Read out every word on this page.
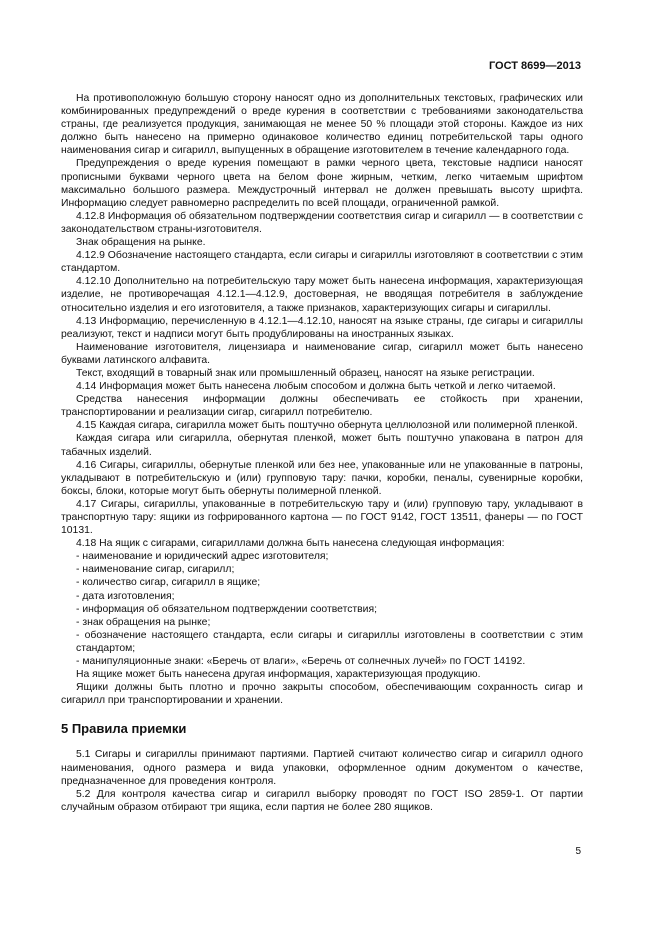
ГОСТ 8699—2013

На противоположную большую сторону наносят одно из дополнительных текстовых, графических или комбинированных предупреждений о вреде курения в соответствии с требованиями законодательства страны, где реализуется продукция, занимающая не менее 50 % площади этой стороны. Каждое из них должно быть нанесено на примерно одинаковое количество единиц потребительской тары одного наименования сигар и сигарилл, выпущенных в обращение изготовителем в течение календарного года.

Предупреждения о вреде курения помещают в рамки черного цвета, текстовые надписи наносят прописными буквами черного цвета на белом фоне жирным, четким, легко читаемым шрифтом максимально большого размера. Междустрочный интервал не должен превышать высоту шрифта. Информацию следует равномерно распределить по всей площади, ограниченной рамкой.

4.12.8 Информация об обязательном подтверждении соответствия сигар и сигарилл — в соответствии с законодательством страны-изготовителя.

Знак обращения на рынке.

4.12.9 Обозначение настоящего стандарта, если сигары и сигариллы изготовляют в соответствии с этим стандартом.

4.12.10 Дополнительно на потребительскую тару может быть нанесена информация, характеризующая изделие, не противоречащая 4.12.1—4.12.9, достоверная, не вводящая потребителя в заблуждение относительно изделия и его изготовителя, а также признаков, характеризующих сигары и сигариллы.

4.13 Информацию, перечисленную в 4.12.1—4.12.10, наносят на языке страны, где сигары и сигариллы реализуют, текст и надписи могут быть продублированы на иностранных языках.

Наименование изготовителя, лицензиара и наименование сигар, сигарилл может быть нанесено буквами латинского алфавита.

Текст, входящий в товарный знак или промышленный образец, наносят на языке регистрации.

4.14 Информация может быть нанесена любым способом и должна быть четкой и легко читаемой.

Средства нанесения информации должны обеспечивать ее стойкость при хранении, транспортировании и реализации сигар, сигарилл потребителю.

4.15 Каждая сигара, сигарилла может быть поштучно обернута целлюлозной или полимерной пленкой.

Каждая сигара или сигарилла, обернутая пленкой, может быть поштучно упакована в патрон для табачных изделий.

4.16 Сигары, сигариллы, обернутые пленкой или без нее, упакованные или не упакованные в патроны, укладывают в потребительскую и (или) групповую тару: пачки, коробки, пеналы, сувенирные коробки, боксы, блоки, которые могут быть обернуты полимерной пленкой.

4.17 Сигары, сигариллы, упакованные в потребительскую тару и (или) групповую тару, укладывают в транспортную тару: ящики из гофрированного картона — по ГОСТ 9142, ГОСТ 13511, фанеры — по ГОСТ 10131.

4.18 На ящик с сигарами, сигариллами должна быть нанесена следующая информация:

- наименование и юридический адрес изготовителя;

- наименование сигар, сигарилл;

- количество сигар, сигарилл в ящике;

- дата изготовления;

- информация об обязательном подтверждении соответствия;

- знак обращения на рынке;

- обозначение настоящего стандарта, если сигары и сигариллы изготовлены в соответствии с этим стандартом;

- манипуляционные знаки: «Беречь от влаги», «Беречь от солнечных лучей» по ГОСТ 14192.

На ящике может быть нанесена другая информация, характеризующая продукцию.

Ящики должны быть плотно и прочно закрыты способом, обеспечивающим сохранность сигар и сигарилл при транспортировании и хранении.

5 Правила приемки

5.1 Сигары и сигариллы принимают партиями. Партией считают количество сигар и сигарилл одного наименования, одного размера и вида упаковки, оформленное одним документом о качестве, предназначенное для проведения контроля.

5.2 Для контроля качества сигар и сигарилл выборку проводят по ГОСТ ISO 2859-1. От партии случайным образом отбирают три ящика, если партия не более 280 ящиков.

5
